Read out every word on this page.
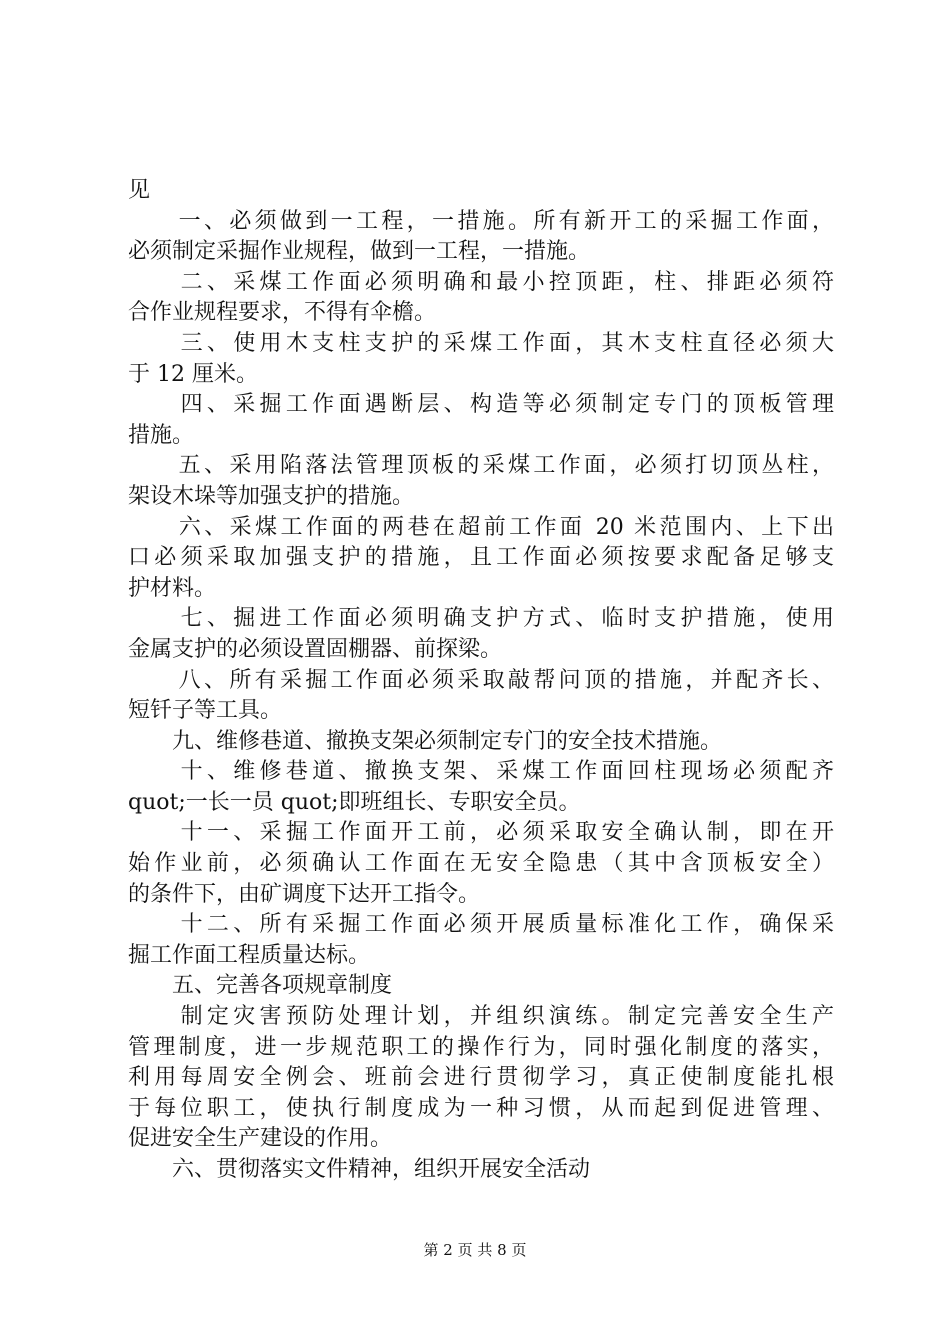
见
　　一、必须做到一工程，一措施。所有新开工的采掘工作面，
必须制定采掘作业规程，做到一工程，一措施。
　　二、采煤工作面必须明确和最小控顶距，柱、排距必须符
合作业规程要求，不得有伞檐。
　　三、使用木支柱支护的采煤工作面，其木支柱直径必须大
于 12 厘米。
　　四、采掘工作面遇断层、构造等必须制定专门的顶板管理
措施。
　　五、采用陷落法管理顶板的采煤工作面，必须打切顶丛柱，
架设木垛等加强支护的措施。
　　六、采煤工作面的两巷在超前工作面 20 米范围内、上下出
口必须采取加强支护的措施，且工作面必须按要求配备足够支
护材料。
　　七、掘进工作面必须明确支护方式、临时支护措施，使用
金属支护的必须设置固棚器、前探梁。
　　八、所有采掘工作面必须采取敲帮问顶的措施，并配齐长、
短钎子等工具。
　　九、维修巷道、撤换支架必须制定专门的安全技术措施。
　　十、维修巷道、撤换支架、采煤工作面回柱现场必须配齐
quot;一长一员 quot;即班组长、专职安全员。
　　十一、采掘工作面开工前，必须采取安全确认制，即在开
始作业前，必须确认工作面在无安全隐患（其中含顶板安全）
的条件下，由矿调度下达开工指令。
　　十二、所有采掘工作面必须开展质量标准化工作，确保采
掘工作面工程质量达标。
　　五、完善各项规章制度
　　制定灾害预防处理计划，并组织演练。制定完善安全生产
管理制度，进一步规范职工的操作行为，同时强化制度的落实，
利用每周安全例会、班前会进行贯彻学习，真正使制度能扎根
于每位职工，使执行制度成为一种习惯，从而起到促进管理、
促进安全生产建设的作用。
　　六、贯彻落实文件精神，组织开展安全活动
第 2 页 共 8 页
